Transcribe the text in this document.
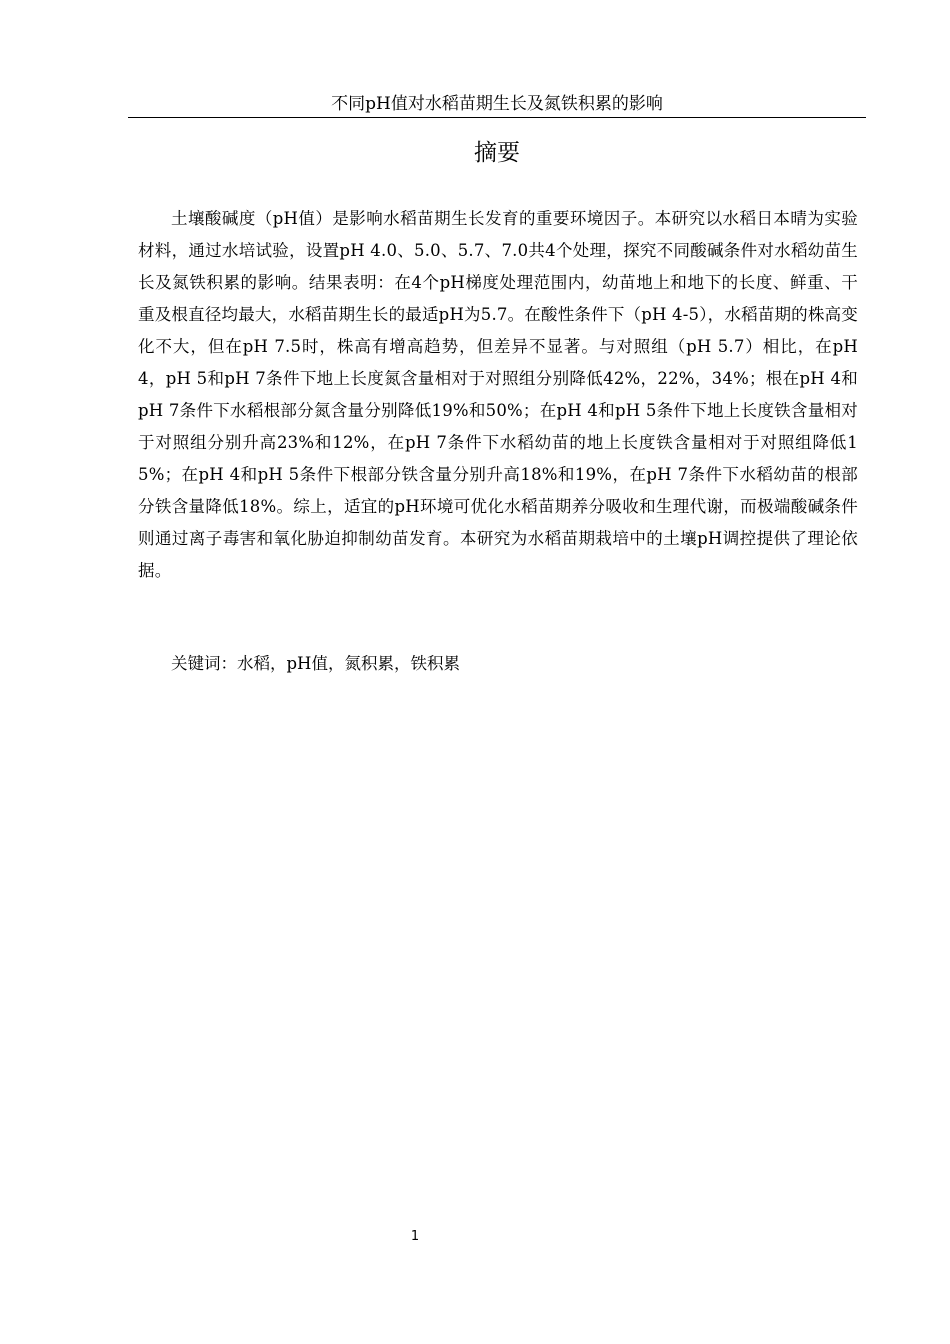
不同pH值对水稻苗期生长及氮铁积累的影响
摘要

土壤酸碱度（pH值）是影响水稻苗期生长发育的重要环境因子。本研究以水稻日本晴为实验材料，通过水培试验，设置pH 4.0、5.0、5.7、7.0共4个处理，探究不同酸碱条件对水稻幼苗生长及氮铁积累的影响。结果表明：在4个pH梯度处理范围内，幼苗地上和地下的长度、鲜重、干重及根直径均最大，水稻苗期生长的最适pH为5.7。在酸性条件下（pH 4-5），水稻苗期的株高变化不大，但在pH 7.5时，株高有增高趋势，但差异不显著。与对照组（pH 5.7）相比，在pH 4，pH 5和pH 7条件下地上长度氮含量相对于对照组分别降低42%，22%，34%；根在pH 4和pH 7条件下水稻根部分氮含量分别降低19%和50%；在pH 4和pH 5条件下地上长度铁含量相对于对照组分别升高23%和12%，在pH 7条件下水稻幼苗的地上长度铁含量相对于对照组降低15%；在pH 4和pH 5条件下根部分铁含量分别升高18%和19%，在pH 7条件下水稻幼苗的根部分铁含量降低18%。综上，适宜的pH环境可优化水稻苗期养分吸收和生理代谢，而极端酸碱条件则通过离子毒害和氧化胁迫抑制幼苗发育。本研究为水稻苗期栽培中的土壤pH调控提供了理论依据。

关键词：水稻，pH值，氮积累，铁积累

1
